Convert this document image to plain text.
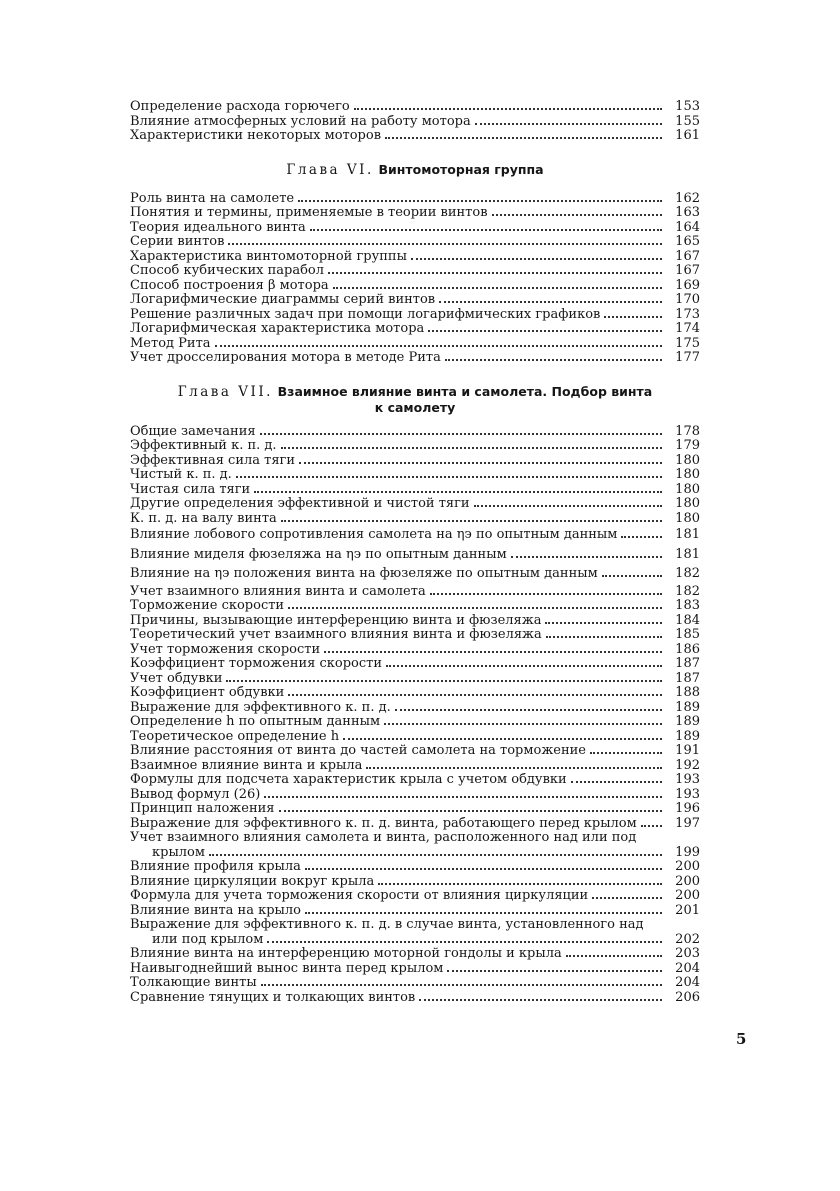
Определение расхода горючего	153
Влияние атмосферных условий на работу мотора	155
Характеристики некоторых моторов	161
Глава VI. Винтомоторная группа
Роль винта на самолете	162
Понятия и термины, применяемые в теории винтов	163
Теория идеального винта	164
Серии винтов	165
Характеристика винтомоторной группы	167
Способ кубических парабол	167
Способ построения β мотора	169
Логарифмические диаграммы серий винтов	170
Решение различных задач при помощи логарифмических графиков	173
Логарифмическая характеристика мотора	174
Метод Рита	175
Учет дросселирования мотора в методе Рита	177
Глава VII. Взаимное влияние винта и самолета. Подбор винта
к самолету
Общие замечания	178
Эффективный к. п. д.	179
Эффективная сила тяги	180
Чистый к. п. д.	180
Чистая сила тяги	180
Другие определения эффективной и чистой тяги	180
К. п. д. на валу винта	180
Влияние лобового сопротивления самолета на ηэ по опытным данным	181
Влияние миделя фюзеляжа на ηэ по опытным данным	181
Влияние на ηэ положения винта на фюзеляже по опытным данным	182
Учет взаимного влияния винта и самолета	182
Торможение скорости	183
Причины, вызывающие интерференцию винта и фюзеляжа	184
Теоретический учет взаимного влияния винта и фюзеляжа	185
Учет торможения скорости	186
Коэффициент торможения скорости	187
Учет обдувки	187
Коэффициент обдувки	188
Выражение для эффективного к. п. д.	189
Определение h по опытным данным	189
Теоретическое определение h	189
Влияние расстояния от винта до частей самолета на торможение	191
Взаимное влияние винта и крыла	192
Формулы для подсчета характеристик крыла с учетом обдувки	193
Вывод формул (26)	193
Принцип наложения	196
Выражение для эффективного к. п. д. винта, работающего перед крылом	197
Учет взаимного влияния самолета и винта, расположенного над или под
крылом	199
Влияние профиля крыла	200
Влияние циркуляции вокруг крыла	200
Формула для учета торможения скорости от влияния циркуляции	200
Влияние винта на крыло	201
Выражение для эффективного к. п. д. в случае винта, установленного над
или под крылом	202
Влияние винта на интерференцию моторной гондолы и крыла	203
Наивыгоднейший вынос винта перед крылом	204
Толкающие винты	204
Сравнение тянущих и толкающих винтов	206
5
